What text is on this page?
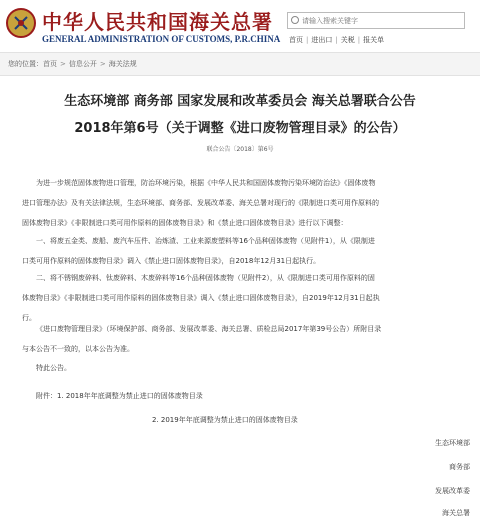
中华人民共和国海关总署
GENERAL ADMINISTRATION OF CUSTOMS, P.R.CHINA
请输入搜索关键字 首页 | 进出口 | 关税 | 报关单
您的位置：首页 > 信息公开 > 海关法规
生态环境部 商务部 国家发展和改革委员会 海关总署联合公告
2018年第6号（关于调整《进口废物管理目录》的公告）
联合公告〔2018〕第6号
为进一步规范固体废物进口管理，防治环境污染，根据《中华人民共和国固体废物污染环境防治法》《固体废物
进口管理办法》及有关法律法规，生态环境部、商务部、发展改革委、海关总署对现行的《限制进口类可用作原料的
固体废物目录》《非限制进口类可用作原料的固体废物目录》和《禁止进口固体废物目录》进行以下调整：
一、将废五金类、废船、废汽车压件、冶炼渣、工业来源废塑料等16个品种固体废物（见附件1），从《限制进
口类可用作原料的固体废物目录》调入《禁止进口固体废物目录》，自2018年12月31日起执行。
二、将不锈钢废碎料、钛废碎料、木废碎料等16个品种固体废物（见附件2），从《限制进口类可用作原料的固
体废物目录》《非限制进口类可用作原料的固体废物目录》调入《禁止进口固体废物目录》，自2019年12月31日起执
行。
《进口废物管理目录》（环境保护部、商务部、发展改革委、海关总署、质检总局2017年第39号公告）所附目录
与本公告不一致的，以本公告为准。
特此公告。
附件：1. 2018年年底调整为禁止进口的固体废物目录
2. 2019年年底调整为禁止进口的固体废物目录
生态环境部
商务部
发展改革委
海关总署
